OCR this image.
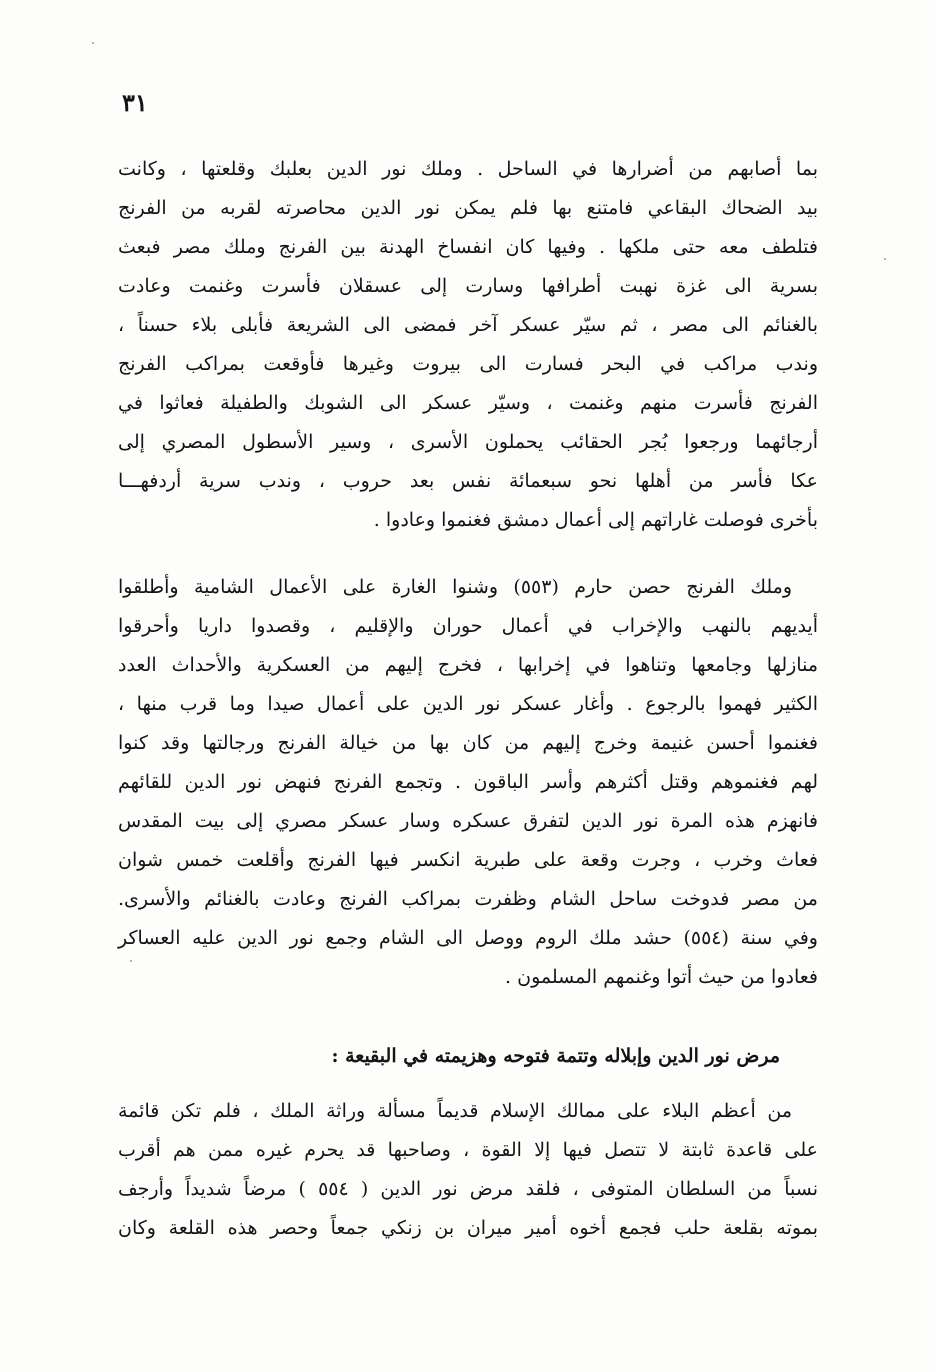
٣١
بما أصابهم من أضرارها في الساحل . وملك نور الدين بعلبك وقلعتها ، وكانت
بيد الضحاك البقاعي فامتنع بها فلم يمكن نور الدين محاصرته لقربه من الفرنج
فتلطف معه حتى ملكها . وفيها كان انفساخ الهدنة بين الفرنج وملك مصر فبعث
بسرية الى غزة نهبت أطرافها وسارت إلى عسقلان فأسرت وغنمت وعادت
بالغنائم الى مصر ، ثم سيّر عسكر آخر فمضى الى الشريعة فأبلى بلاء حسناً ،
وندب مراكب في البحر فسارت الى بيروت وغيرها فأوقعت بمراكب الفرنج
الفرنج فأسرت منهم وغنمت ، وسيّر عسكر الى الشوبك والطفيلة فعاثوا في
أرجائهما ورجعوا بُجر الحقائب يحملون الأسرى ، وسير الأسطول المصري إلى
عكا فأسر من أهلها نحو سبعمائة نفس بعد حروب ، وندب سرية أردفهـــا
بأخرى فوصلت غاراتهم إلى أعمال دمشق فغنموا وعادوا .
وملك الفرنج حصن حارم (٥٥٣) وشنوا الغارة على الأعمال الشامية وأطلقوا
أيديهم بالنهب والإخراب في أعمال حوران والإقليم ، وقصدوا داريا وأحرقوا
منازلها وجامعها وتناهوا في إخرابها ، فخرج إليهم من العسكرية والأحداث العدد
الكثير فهموا بالرجوع . وأغار عسكر نور الدين على أعمال صيدا وما قرب منها ،
فغنموا أحسن غنيمة وخرج إليهم من كان بها من خيالة الفرنج ورجالتها وقد كنوا
لهم فغنموهم وقتل أكثرهم وأسر الباقون . وتجمع الفرنج فنهض نور الدين للقائهم
فانهزم هذه المرة نور الدين لتفرق عسكره وسار عسكر مصري إلى بيت المقدس
فعاث وخرب ، وجرت وقعة على طبرية انكسر فيها الفرنج وأقلعت خمس شوان
من مصر فدوخت ساحل الشام وظفرت بمراكب الفرنج وعادت بالغنائم والأسرى.
وفي سنة (٥٥٤) حشد ملك الروم ووصل الى الشام وجمع نور الدين عليه العساكر
فعادوا من حيث أتوا وغنمهم المسلمون .
مرض نور الدين وإبلاله وتتمة فتوحه وهزيمته في البقيعة :
من أعظم البلاء على ممالك الإسلام قديماً مسألة وراثة الملك ، فلم تكن قائمة
على قاعدة ثابتة لا تتصل فيها إلا القوة ، وصاحبها قد يحرم غيره ممن هم أقرب
نسباً من السلطان المتوفى ، فلقد مرض نور الدين ( ٥٥٤ ) مرضاً شديداً وأرجف
بموته بقلعة حلب فجمع أخوه أمير ميران بن زنكي جمعاً وحصر هذه القلعة وكان
